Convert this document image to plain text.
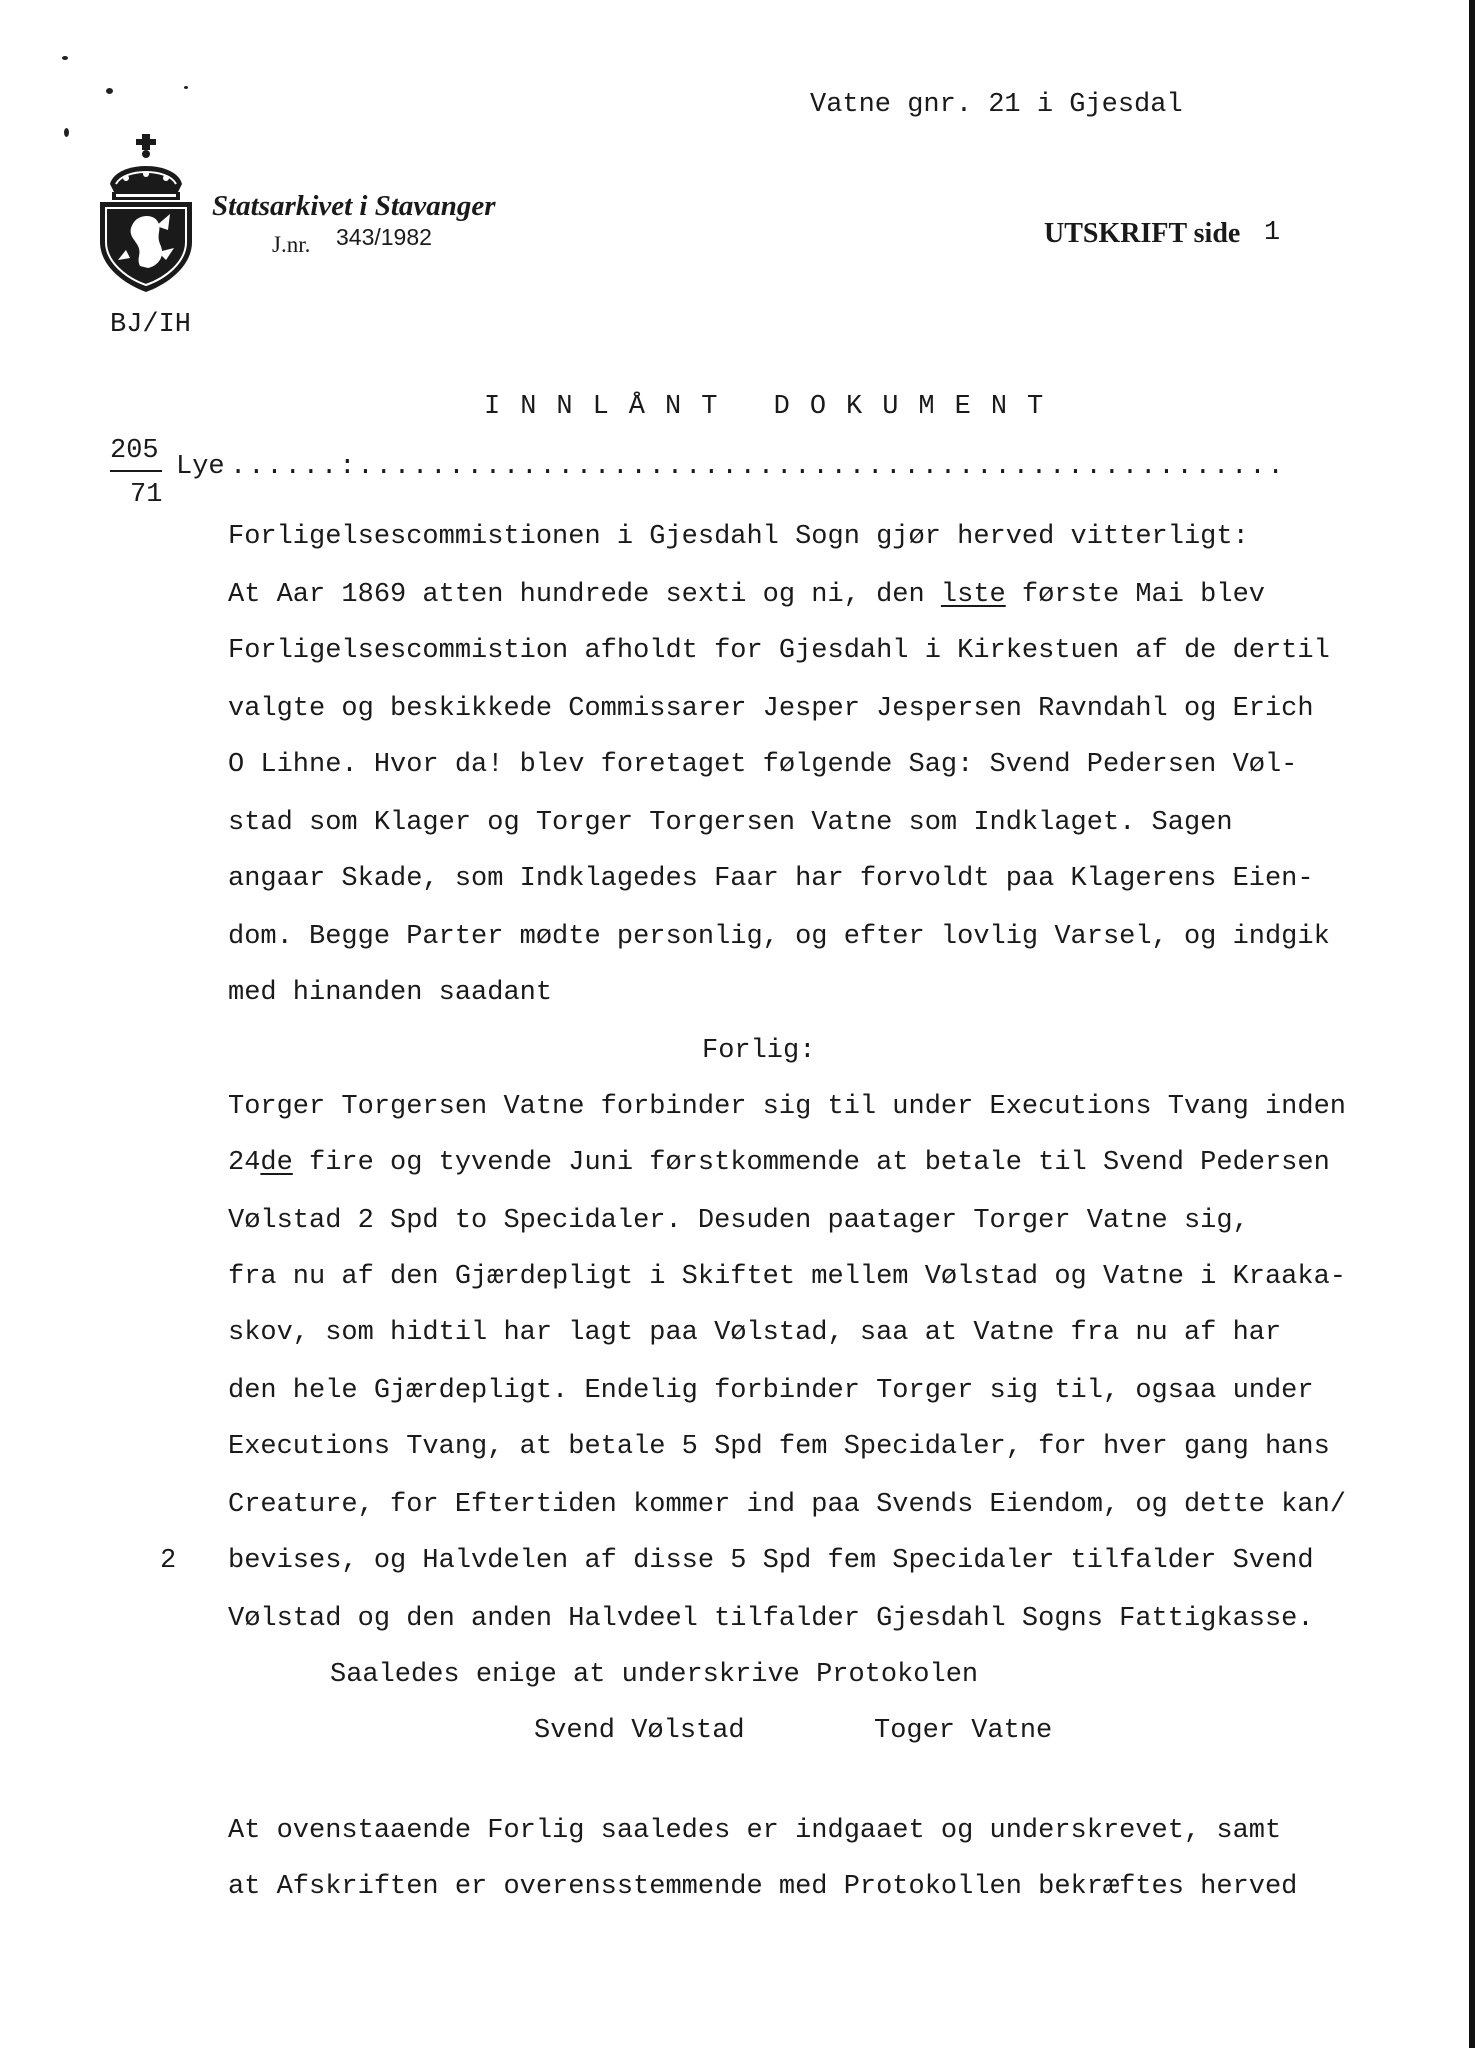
Vatne gnr. 21 i Gjesdal
Statsarkivet i Stavanger
J.nr. 343/1982	UTSKRIFT side 1
BJ/IH
INNLÅNT DOKUMENT
205
71
Lye ......:...................................................
Forligelsescommistionen i Gjesdahl Sogn gjør herved vitterligt:
At Aar 1869 atten hundrede sexti og ni, den lste første Mai blev
Forligelsescommistion afholdt for Gjesdahl i Kirkestuen af de dertil
valgte og beskikkede Commissarer Jesper Jespersen Ravndahl og Erich
O Lihne. Hvor da! blev foretaget følgende Sag: Svend Pedersen Vøl-
stad som Klager og Torger Torgersen Vatne som Indklaget. Sagen
angaar Skade, som Indklagedes Faar har forvoldt paa Klagerens Eien-
dom. Begge Parter mødte personlig, og efter lovlig Varsel, og indgik
med hinanden saadant
Forlig:
Torger Torgersen Vatne forbinder sig til under Executions Tvang inden
24de fire og tyvende Juni førstkommende at betale til Svend Pedersen
Vølstad 2 Spd to Specidaler. Desuden paatager Torger Vatne sig,
fra nu af den Gjærdepligt i Skiftet mellem Vølstad og Vatne i Kraaka-
skov, som hidtil har lagt paa Vølstad, saa at Vatne fra nu af har
den hele Gjærdepligt. Endelig forbinder Torger sig til, ogsaa under
Executions Tvang, at betale 5 Spd fem Specidaler, for hver gang hans
Creature, for Eftertiden kommer ind paa Svends Eiendom, og dette kan/
2 bevises, og Halvdelen af disse 5 Spd fem Specidaler tilfalder Svend
Vølstad og den anden Halvdeel tilfalder Gjesdahl Sogns Fattigkasse.
Saaledes enige at underskrive Protokolen
Svend Vølstad	Toger Vatne
At ovenstaaende Forlig saaledes er indgaaet og underskrevet, samt
at Afskriften er overensstemmende med Protokollen bekræftes herved
